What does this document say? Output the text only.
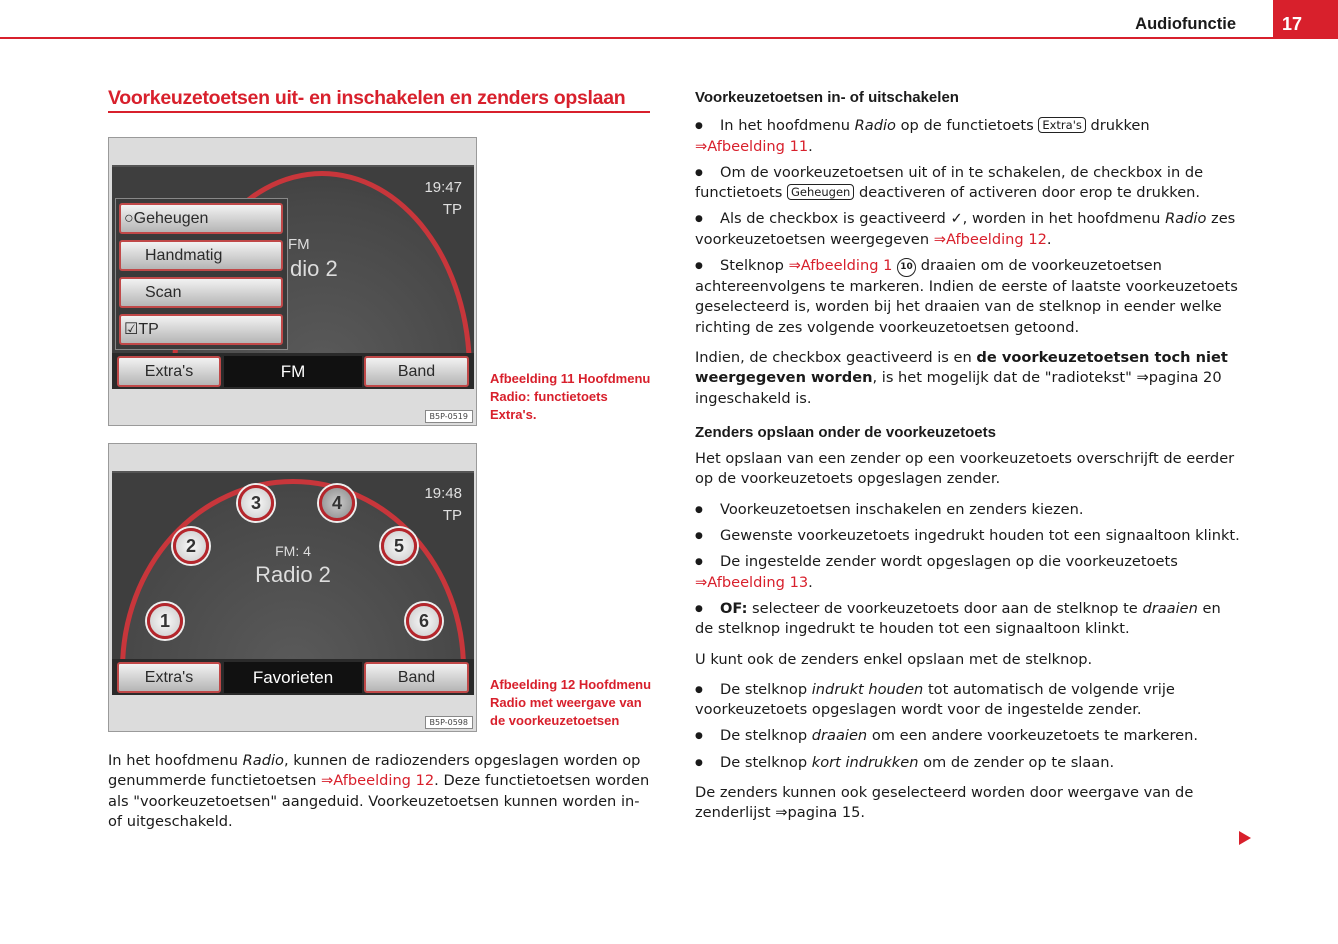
Audiofunctie	17
Voorkeuzetoetsen uit- en inschakelen en zenders opslaan
FM
dio 2
19:47
TP
○Geheugen
Handmatig
Scan
☑TP
Extra's	FM	Band
B5P-0519
Afbeelding 11 Hoofdmenu Radio: functietoets Extra's.
1
2
3	4
5
6
FM: 4
Radio 2
19:48
TP
Extra's	Favorieten	Band
B5P-0598
Afbeelding 12 Hoofdmenu Radio met weergave van de voorkeuzetoetsen

In het hoofdmenu Radio, kunnen de radiozenders opgeslagen worden op genummerde functietoetsen ⇒Afbeelding 12. Deze functietoetsen worden als "voorkeuzetoetsen" aangeduid. Voorkeuzetoetsen kunnen worden in- of uitgeschakeld.

Voorkeuzetoetsen in- of uitschakelen

● In het hoofdmenu Radio op de functietoets Extra's drukken ⇒Afbeelding 11.

● Om de voorkeuzetoetsen uit of in te schakelen, de checkbox in de functietoets Geheugen deactiveren of activeren door erop te drukken.

● Als de checkbox is geactiveerd ✓, worden in het hoofdmenu Radio zes voorkeuzetoetsen weergegeven ⇒Afbeelding 12.

● Stelknop ⇒Afbeelding 1 10 draaien om de voorkeuzetoetsen achtereenvolgens te markeren. Indien de eerste of laatste voorkeuzetoets geselecteerd is, worden bij het draaien van de stelknop in eender welke richting de zes volgende voorkeuzetoetsen getoond.

Indien, de checkbox geactiveerd is en de voorkeuzetoetsen toch niet weergegeven worden, is het mogelijk dat de "radiotekst" ⇒pagina 20 ingeschakeld is.

Zenders opslaan onder de voorkeuzetoets

Het opslaan van een zender op een voorkeuzetoets overschrijft de eerder op de voorkeuzetoets opgeslagen zender.

● Voorkeuzetoetsen inschakelen en zenders kiezen.

● Gewenste voorkeuzetoets ingedrukt houden tot een signaaltoon klinkt.

● De ingestelde zender wordt opgeslagen op die voorkeuzetoets ⇒Afbeelding 13.

● OF: selecteer de voorkeuzetoets door aan de stelknop te draaien en de stelknop ingedrukt te houden tot een signaaltoon klinkt.

U kunt ook de zenders enkel opslaan met de stelknop.

● De stelknop indrukt houden tot automatisch de volgende vrije voorkeuzetoets opgeslagen wordt voor de ingestelde zender.

● De stelknop draaien om een andere voorkeuzetoets te markeren.

● De stelknop kort indrukken om de zender op te slaan.

De zenders kunnen ook geselecteerd worden door weergave van de zenderlijst ⇒pagina 15.
